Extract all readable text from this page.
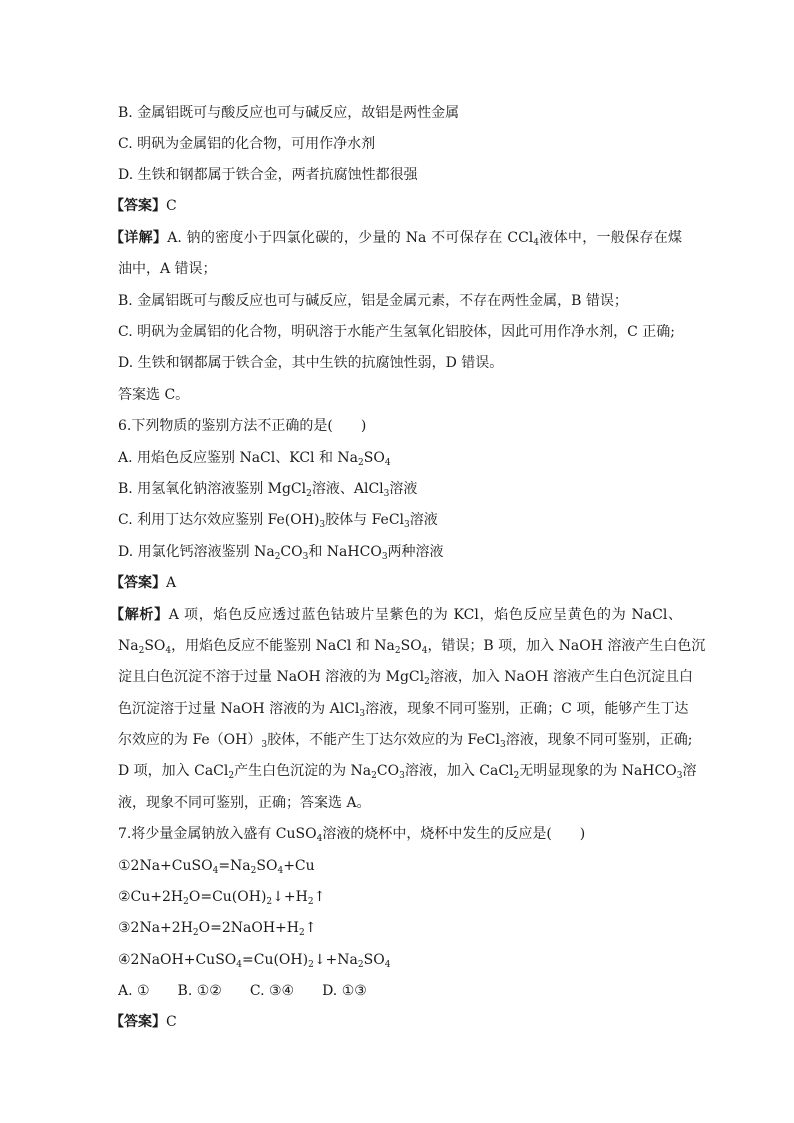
B. 金属铝既可与酸反应也可与碱反应，故铝是两性金属
C. 明矾为金属铝的化合物，可用作净水剂
D. 生铁和钢都属于铁合金，两者抗腐蚀性都很强
【答案】C
【详解】A. 钠的密度小于四氯化碳的，少量的 Na 不可保存在 CCl$_4$液体中，一般保存在煤
油中，A 错误；
B. 金属铝既可与酸反应也可与碱反应，铝是金属元素，不存在两性金属，B 错误；
C. 明矾为金属铝的化合物，明矾溶于水能产生氢氧化铝胶体，因此可用作净水剂，C 正确;
D. 生铁和钢都属于铁合金，其中生铁的抗腐蚀性弱，D 错误。
答案选 C。
6.下列物质的鉴别方法不正确的是(　　)
A. 用焰色反应鉴别 NaCl、KCl 和 $Na_2SO_4$
B. 用氢氧化钠溶液鉴别 MgCl$_2$溶液、AlCl$_3$溶液
C. 利用丁达尔效应鉴别 $Fe(OH)_3$胶体与 FeCl$_3$溶液
D. 用氯化钙溶液鉴别 $Na_2CO_3$和 NaHCO$_3$两种溶液
【答案】A
【解析】A 项，焰色反应透过蓝色钴玻片呈紫色的为 KCl，焰色反应呈黄色的为 NaCl、
$Na_2SO_4$，用焰色反应不能鉴别 NaCl 和 $Na_2SO_4$，错误；B 项，加入 NaOH 溶液产生白色沉
淀且白色沉淀不溶于过量 NaOH 溶液的为 MgCl$_2$溶液，加入 NaOH 溶液产生白色沉淀且白
色沉淀溶于过量 NaOH 溶液的为 AlCl$_3$溶液，现象不同可鉴别，正确；C 项，能够产生丁达
尔效应的为 $Fe(OH)_3$胶体，不能产生丁达尔效应的为 FeCl$_3$溶液，现象不同可鉴别，正确;
D 项，加入 CaCl$_2$产生白色沉淀的为 $Na_2CO_3$溶液，加入 CaCl$_2$无明显现象的为 NaHCO$_3$溶
液，现象不同可鉴别，正确；答案选 A。
7.将少量金属钠放入盛有 CuSO$_4$溶液的烧杯中，烧杯中发生的反应是(　　)
$①2Na+CuSO_4=Na_2SO_4+Cu$
$②Cu+2H_2O=Cu(OH)_2↓+H_2↑$
$③2Na+2H_2O=2NaOH+H_2↑$
$④2NaOH+CuSO_4=Cu(OH)_2↓+Na_2SO_4$
A. ①　　B. ①②　　C. ③④　　D. ①③
【答案】C
